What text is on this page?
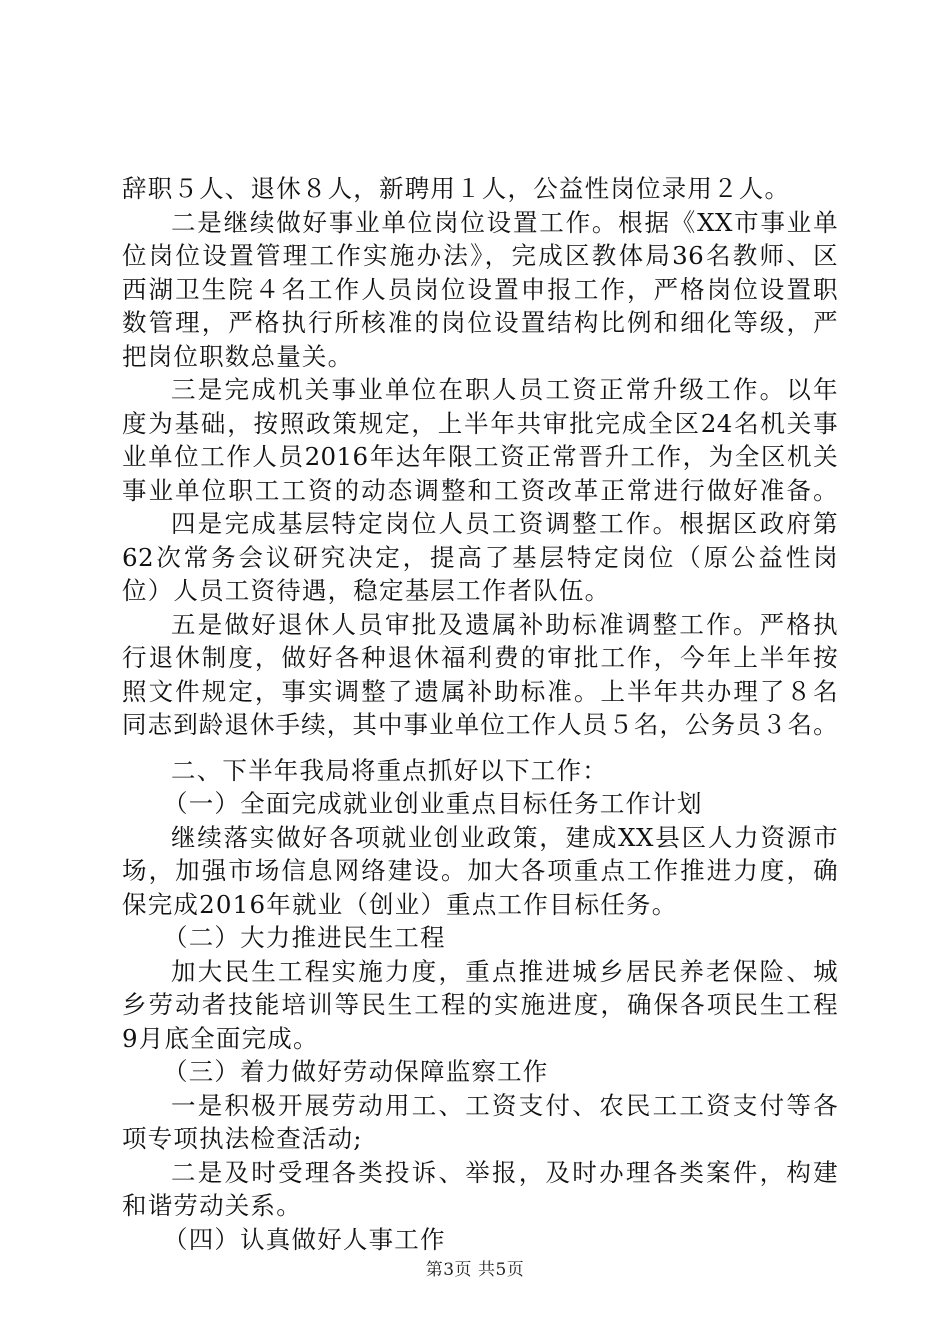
辞职５人、退休８人，新聘用１人，公益性岗位录用２人。
二是继续做好事业单位岗位设置工作。根据《XX市事业单
位岗位设置管理工作实施办法》，完成区教体局36名教师、区
西湖卫生院４名工作人员岗位设置申报工作，严格岗位设置职
数管理，严格执行所核准的岗位设置结构比例和细化等级，严
把岗位职数总量关。
三是完成机关事业单位在职人员工资正常升级工作。以年
度为基础，按照政策规定，上半年共审批完成全区24名机关事
业单位工作人员2016年达年限工资正常晋升工作，为全区机关
事业单位职工工资的动态调整和工资改革正常进行做好准备。
四是完成基层特定岗位人员工资调整工作。根据区政府第
62次常务会议研究决定，提高了基层特定岗位（原公益性岗
位）人员工资待遇，稳定基层工作者队伍。
五是做好退休人员审批及遗属补助标准调整工作。严格执
行退休制度，做好各种退休福利费的审批工作，今年上半年按
照文件规定，事实调整了遗属补助标准。上半年共办理了８名
同志到龄退休手续，其中事业单位工作人员５名，公务员３名。
二、下半年我局将重点抓好以下工作：
（一）全面完成就业创业重点目标任务工作计划
继续落实做好各项就业创业政策，建成XX县区人力资源市
场，加强市场信息网络建设。加大各项重点工作推进力度，确
保完成2016年就业（创业）重点工作目标任务。
（二）大力推进民生工程
加大民生工程实施力度，重点推进城乡居民养老保险、城
乡劳动者技能培训等民生工程的实施进度，确保各项民生工程
9月底全面完成。
（三）着力做好劳动保障监察工作
一是积极开展劳动用工、工资支付、农民工工资支付等各
项专项执法检查活动;
二是及时受理各类投诉、举报，及时办理各类案件，构建
和谐劳动关系。
（四）认真做好人事工作
第3页 共5页
